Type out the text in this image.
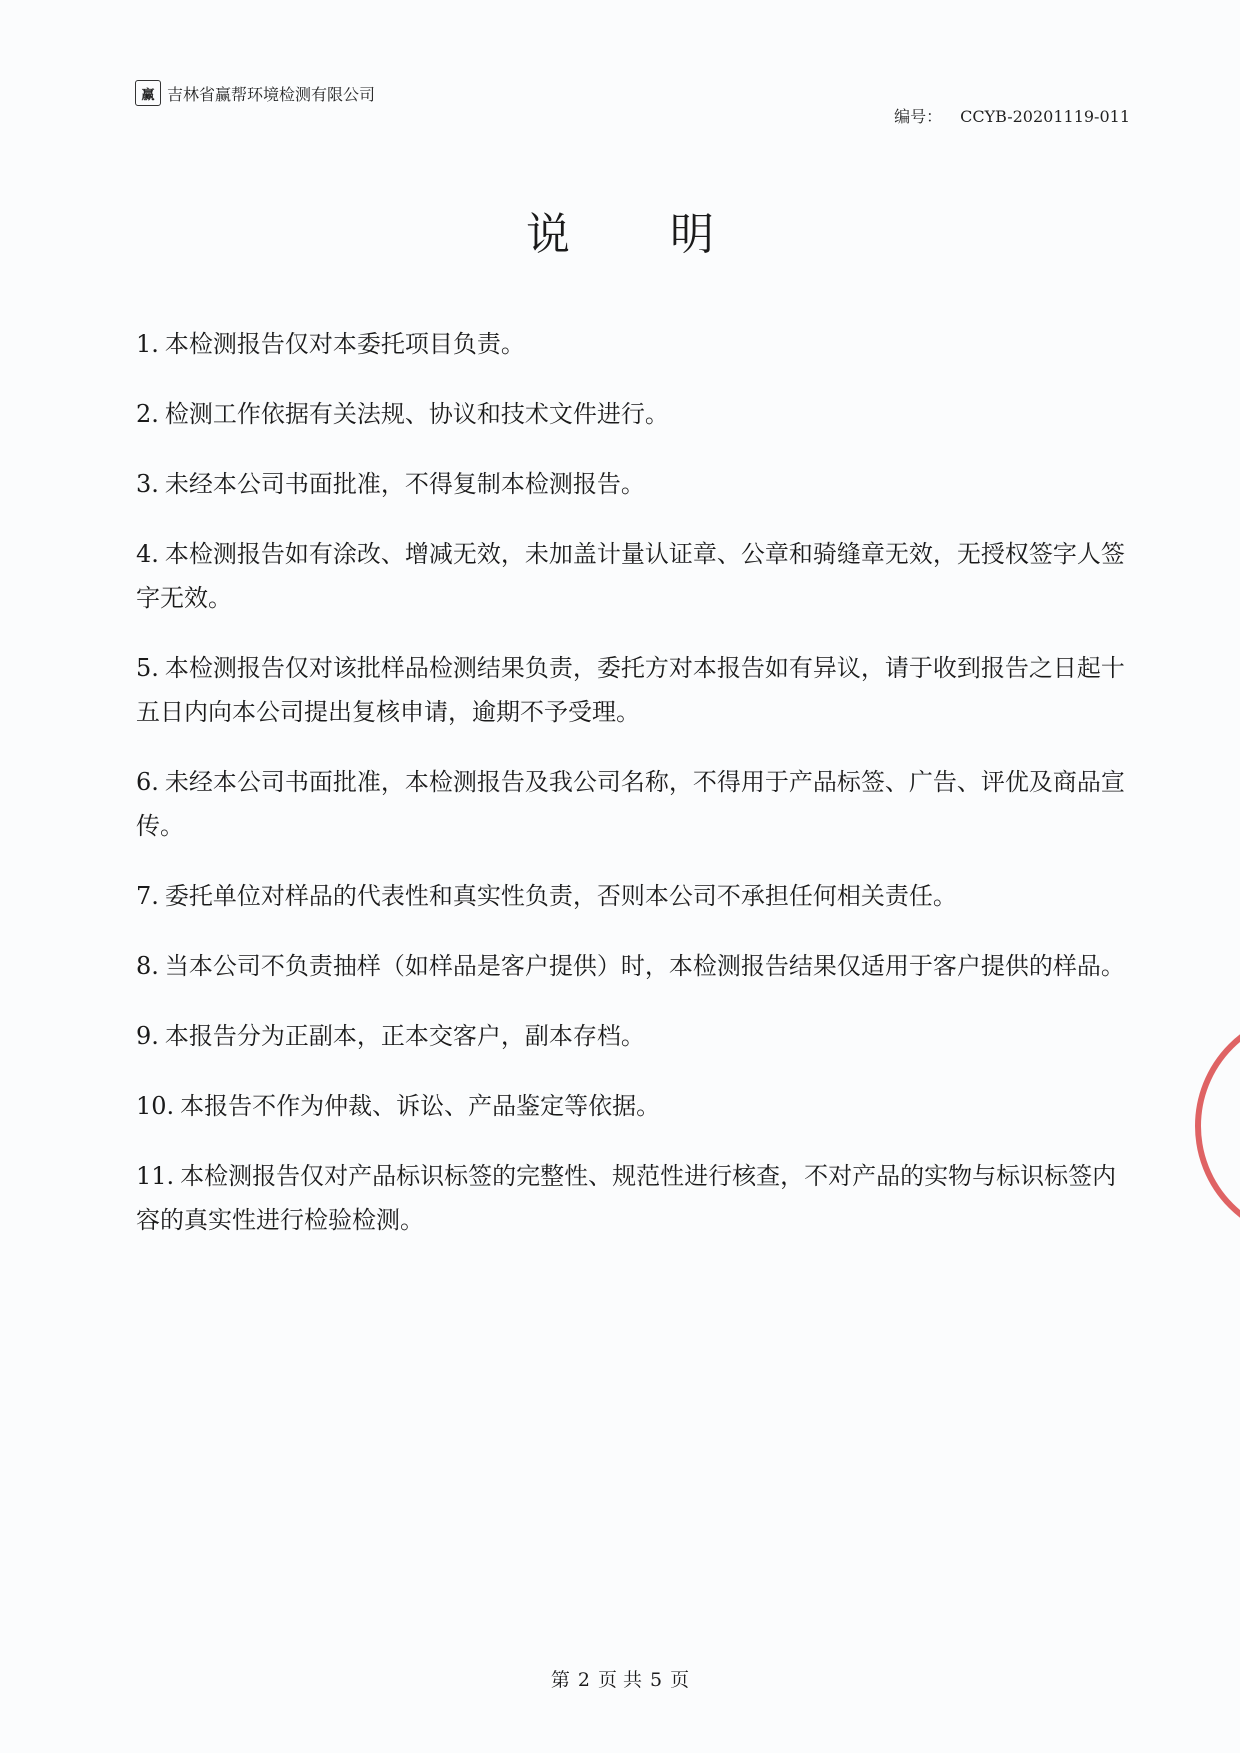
赢 吉林省赢帮环境检测有限公司
编号： CCYB-20201119-011
说明

1. 本检测报告仅对本委托项目负责。

2. 检测工作依据有关法规、协议和技术文件进行。

3. 未经本公司书面批准，不得复制本检测报告。

4. 本检测报告如有涂改、增减无效，未加盖计量认证章、公章和骑缝章无效，无授权签字人签字无效。

5. 本检测报告仅对该批样品检测结果负责，委托方对本报告如有异议，请于收到报告之日起十五日内向本公司提出复核申请，逾期不予受理。

6. 未经本公司书面批准，本检测报告及我公司名称，不得用于产品标签、广告、评优及商品宣传。

7. 委托单位对样品的代表性和真实性负责，否则本公司不承担任何相关责任。

8. 当本公司不负责抽样（如样品是客户提供）时，本检测报告结果仅适用于客户提供的样品。

9. 本报告分为正副本，正本交客户，副本存档。

10. 本报告不作为仲裁、诉讼、产品鉴定等依据。

11. 本检测报告仅对产品标识标签的完整性、规范性进行核查，不对产品的实物与标识标签内容的真实性进行检验检测。

第 2 页 共 5 页
